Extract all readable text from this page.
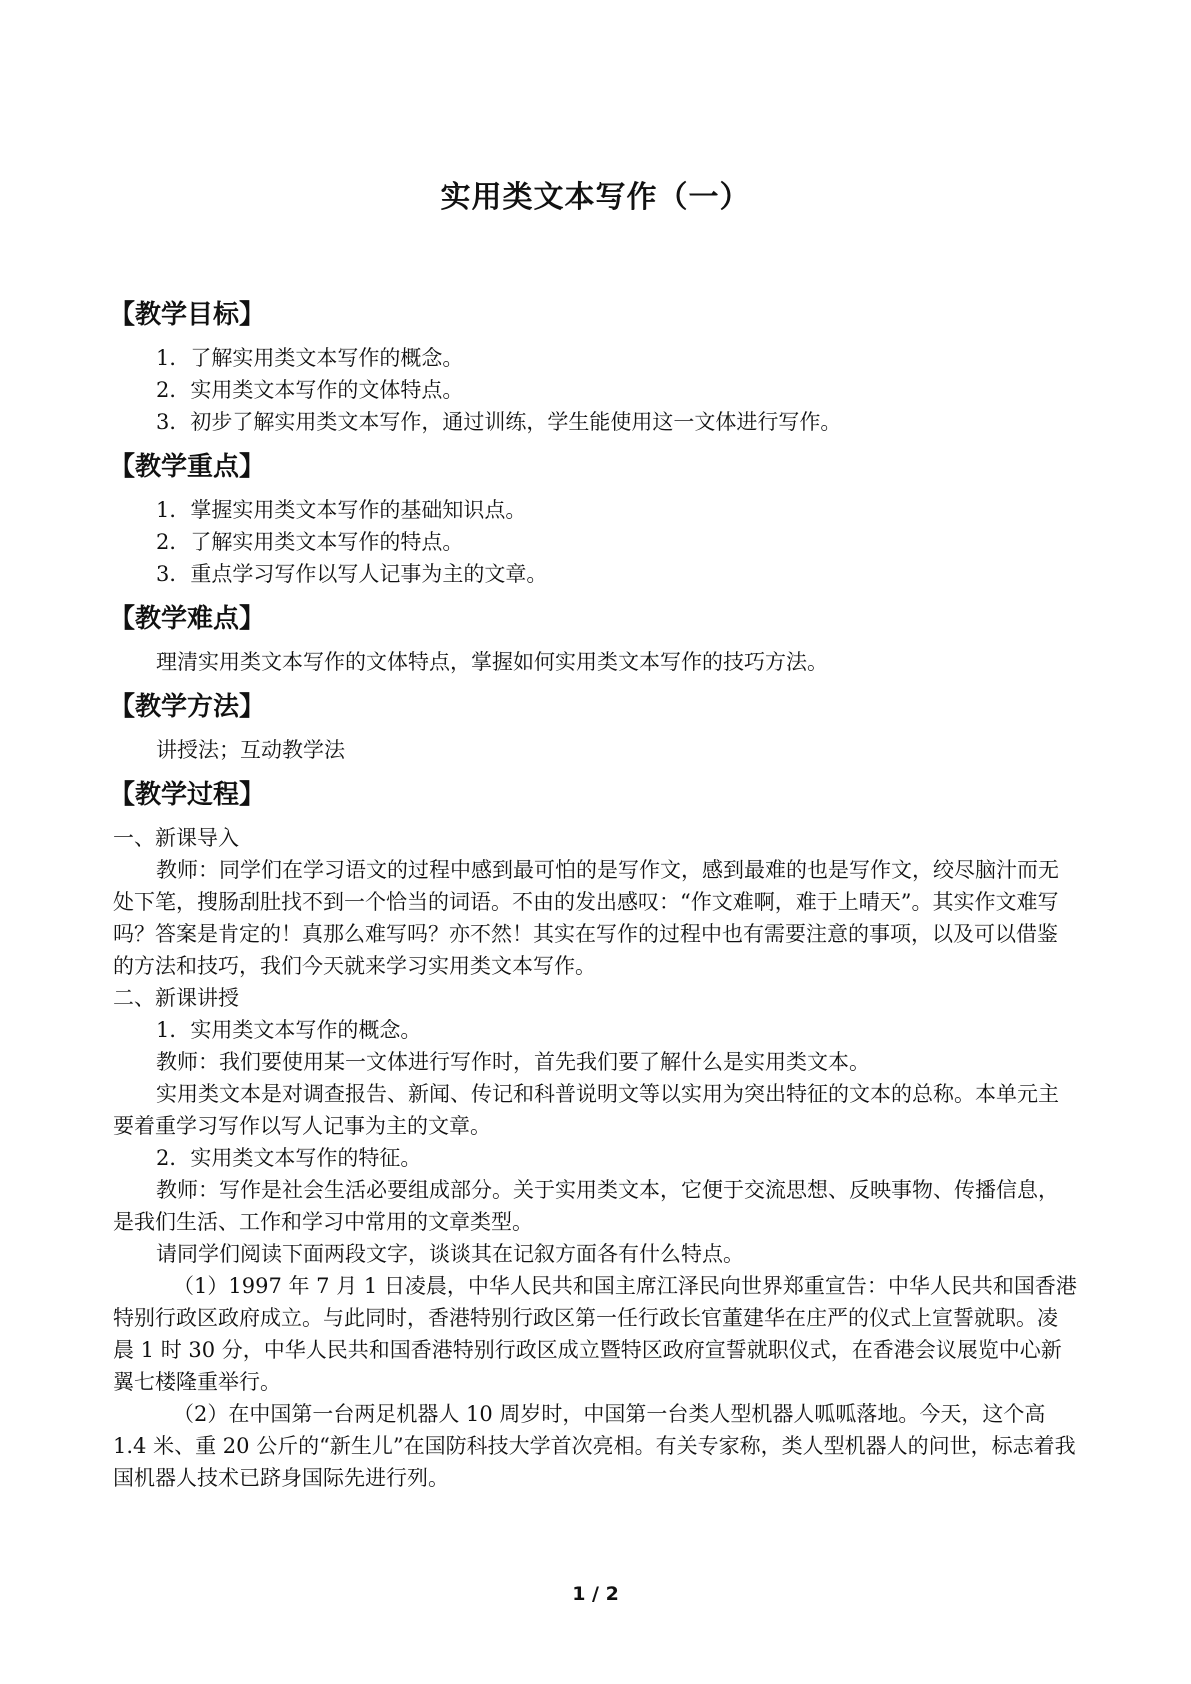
实用类文本写作（一）
【教学目标】

1．了解实用类文本写作的概念。

2．实用类文本写作的文体特点。

3．初步了解实用类文本写作，通过训练，学生能使用这一文体进行写作。

【教学重点】

1．掌握实用类文本写作的基础知识点。

2．了解实用类文本写作的特点。

3．重点学习写作以写人记事为主的文章。

【教学难点】

理清实用类文本写作的文体特点，掌握如何实用类文本写作的技巧方法。

【教学方法】

讲授法；互动教学法

【教学过程】

一、新课导入

教师：同学们在学习语文的过程中感到最可怕的是写作文，感到最难的也是写作文，绞尽脑汁而无处下笔，搜肠刮肚找不到一个恰当的词语。不由的发出感叹：“作文难啊，难于上晴天”。其实作文难写吗？答案是肯定的！真那么难写吗？亦不然！其实在写作的过程中也有需要注意的事项，以及可以借鉴的方法和技巧，我们今天就来学习实用类文本写作。

二、新课讲授

1．实用类文本写作的概念。

教师：我们要使用某一文体进行写作时，首先我们要了解什么是实用类文本。

实用类文本是对调查报告、新闻、传记和科普说明文等以实用为突出特征的文本的总称。本单元主要着重学习写作以写人记事为主的文章。

2．实用类文本写作的特征。

教师：写作是社会生活必要组成部分。关于实用类文本，它便于交流思想、反映事物、传播信息，是我们生活、工作和学习中常用的文章类型。

请同学们阅读下面两段文字，谈谈其在记叙方面各有什么特点。

（1）1997 年 7 月 1 日凌晨，中华人民共和国主席江泽民向世界郑重宣告：中华人民共和国香港特别行政区政府成立。与此同时，香港特别行政区第一任行政长官董建华在庄严的仪式上宣誓就职。凌晨 1 时 30 分，中华人民共和国香港特别行政区成立暨特区政府宣誓就职仪式，在香港会议展览中心新翼七楼隆重举行。

（2）在中国第一台两足机器人 10 周岁时，中国第一台类人型机器人呱呱落地。今天，这个高 1.4 米、重 20 公斤的“新生儿”在国防科技大学首次亮相。有关专家称，类人型机器人的问世，标志着我国机器人技术已跻身国际先进行列。

1 / 2
